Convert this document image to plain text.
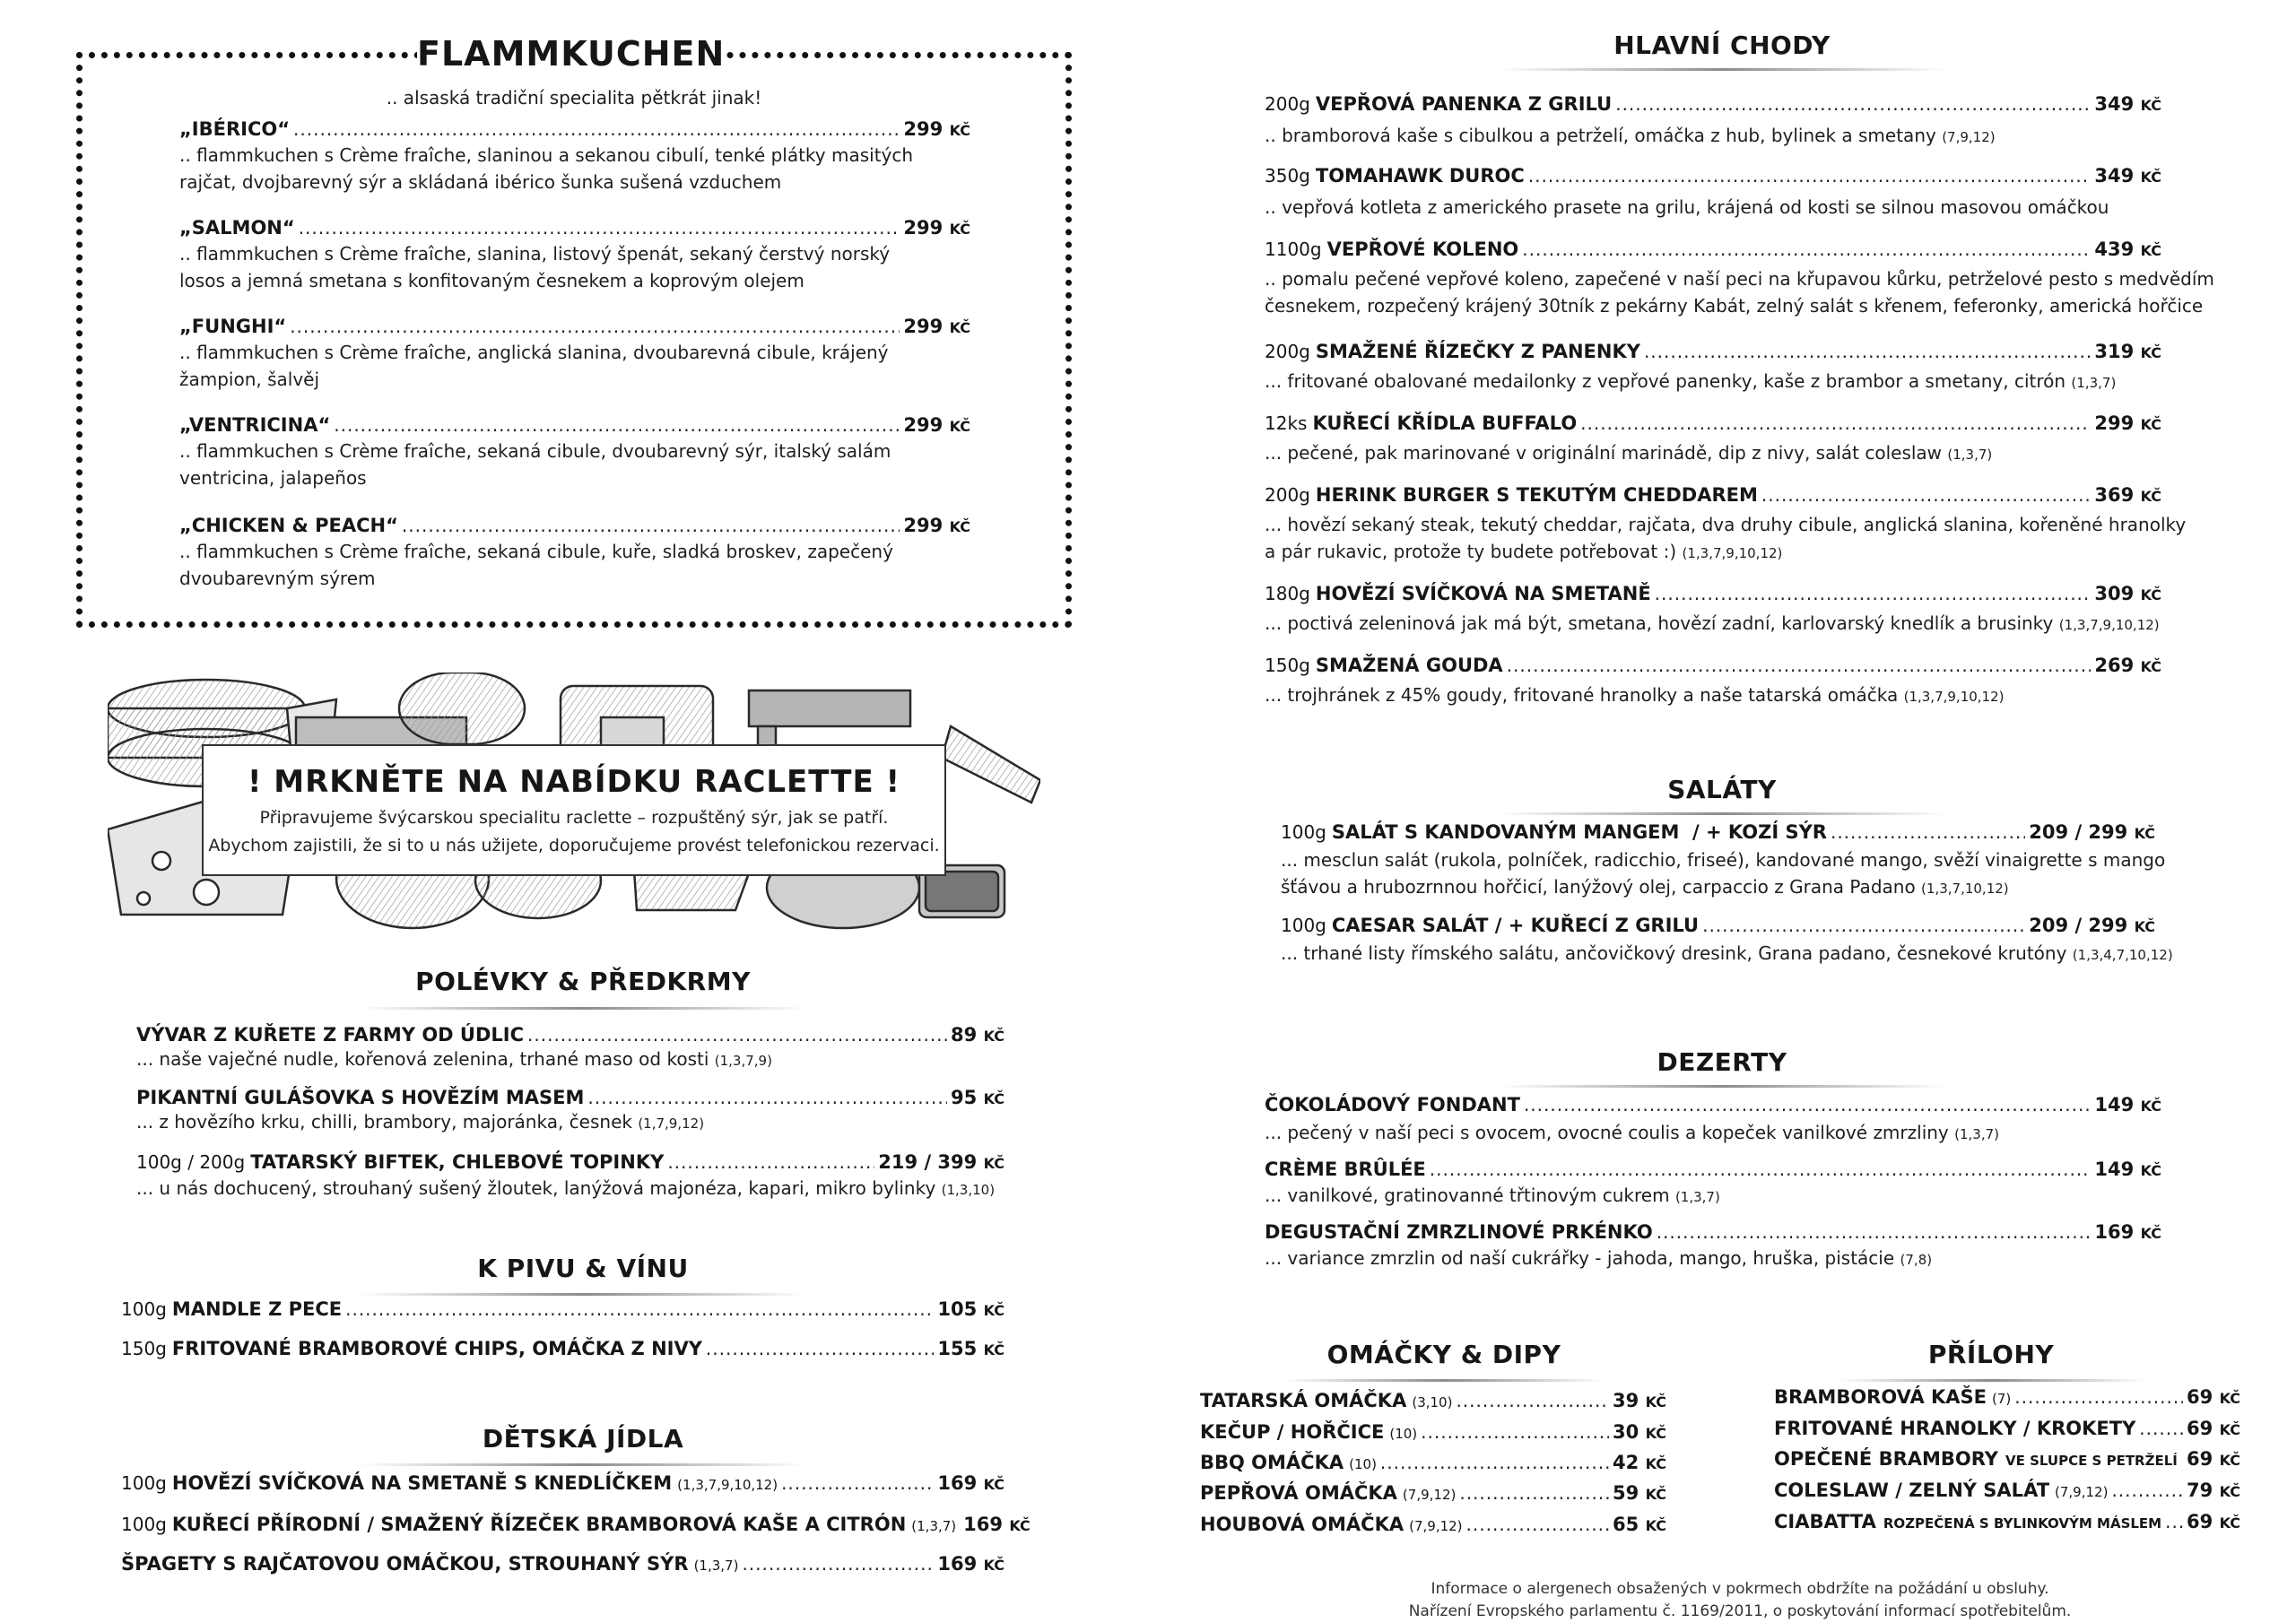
FLAMMKUCHEN
.. alsaská tradiční specialita pětkrát jinak!
„IBÉRICO“ .....	299 KČ
.. flammkuchen s Crème fraîche, slaninou a sekanou cibulí, tenké plátky masitých
rajčat, dvojbarevný sýr a skládaná ibérico šunka sušená vzduchem
„SALMON“ .....	299 KČ
.. flammkuchen s Crème fraîche, slanina, listový špenát, sekaný čerstvý norský
losos a jemná smetana s konfitovaným česnekem a koprovým olejem
„FUNGHI“ .....	299 KČ
.. flammkuchen s Crème fraîche, anglická slanina, dvoubarevná cibule, krájený
žampion, šalvěj
„VENTRICINA“ .....	299 KČ
.. flammkuchen s Crème fraîche, sekaná cibule, dvoubarevný sýr, italský salám
ventricina, jalapeños
„CHICKEN & PEACH“ .....	299 KČ
.. flammkuchen s Crème fraîche, sekaná cibule, kuře, sladká broskev, zapečený
dvoubarevným sýrem
! MRKNĚTE NA NABÍDKU RACLETTE !
Připravujeme švýcarskou specialitu raclette – rozpuštěný sýr, jak se patří.
Abychom zajistili, že si to u nás užijete, doporučujeme provést telefonickou rezervaci.
POLÉVKY & PŘEDKRMY
VÝVAR Z KUŘETE Z FARMY OD ÚDLIC .....	89 KČ
... naše vaječné nudle, kořenová zelenina, trhané maso od kosti (1,3,7,9)
PIKANTNÍ GULÁŠOVKA S HOVĚZÍM MASEM .....	95 KČ
... z hovězího krku, chilli, brambory, majoránka, česnek (1,7,9,12)
100g / 200g TATARSKÝ BIFTEK, CHLEBOVÉ TOPINKY .....	219 / 399 KČ
... u nás dochucený, strouhaný sušený žloutek, lanýžová majonéza, kapari, mikro bylinky (1,3,10)
K PIVU & VÍNU
100g MANDLE Z PECE .....	105 KČ
150g FRITOVANÉ BRAMBOROVÉ CHIPS, OMÁČKA Z NIVY .....	155 KČ
DĚTSKÁ JÍDLA
100g HOVĚZÍ SVÍČKOVÁ NA SMETANĚ S KNEDLÍČKEM (1,3,7,9,10,12) .....	169 KČ
100g KUŘECÍ PŘÍRODNÍ / SMAŽENÝ ŘÍZEČEK BRAMBOROVÁ KAŠE A CITRÓN (1,3,7) 169 KČ
ŠPAGETY S RAJČATOVOU OMÁČKOU, STROUHANÝ SÝR (1,3,7) .....	169 KČ
HLAVNÍ CHODY
200g VEPŘOVÁ PANENKA Z GRILU .....	349 KČ
.. bramborová kaše s cibulkou a petrželí, omáčka z hub, bylinek a smetany (7,9,12)
350g TOMAHAWK DUROC .....	349 KČ
.. vepřová kotleta z amerického prasete na grilu, krájená od kosti se silnou masovou omáčkou
1100g VEPŘOVÉ KOLENO .....	439 KČ
.. pomalu pečené vepřové koleno, zapečené v naší peci na křupavou kůrku, petrželové pesto s medvědím
česnekem, rozpečený krájený 30tník z pekárny Kabát, zelný salát s křenem, feferonky, americká hořčice
200g SMAŽENÉ ŘÍZEČKY Z PANENKY .....	319 KČ
... fritované obalované medailonky z vepřové panenky, kaše z brambor a smetany, citrón (1,3,7)
12ks KUŘECÍ KŘÍDLA BUFFALO .....	299 KČ
... pečené, pak marinované v originální marinádě, dip z nivy, salát coleslaw (1,3,7)
200g HERINK BURGER S TEKUTÝM CHEDDAREM .....	369 KČ
... hovězí sekaný steak, tekutý cheddar, rajčata, dva druhy cibule, anglická slanina, kořeněné hranolky
a pár rukavic, protože ty budete potřebovat :) (1,3,7,9,10,12)
180g HOVĚZÍ SVÍČKOVÁ NA SMETANĚ .....	309 KČ
... poctivá zeleninová jak má být, smetana, hovězí zadní, karlovarský knedlík a brusinky (1,3,7,9,10,12)
150g SMAŽENÁ GOUDA .....	269 KČ
... trojhránek z 45% goudy, fritované hranolky a naše tatarská omáčka (1,3,7,9,10,12)
SALÁTY
100g SALÁT S KANDOVANÝM MANGEM  / + KOZÍ SÝR .....	209 / 299 KČ
... mesclun salát (rukola, polníček, radicchio, friseé), kandované mango, svěží vinaigrette s mango
šťávou a hrubozrnnou hořčicí, lanýžový olej, carpaccio z Grana Padano (1,3,7,10,12)
100g CAESAR SALÁT / + KUŘECÍ Z GRILU .....	209 / 299 KČ
... trhané listy římského salátu, ančovičkový dresink, Grana padano, česnekové krutóny (1,3,4,7,10,12)
DEZERTY
ČOKOLÁDOVÝ FONDANT .....	149 KČ
... pečený v naší peci s ovocem, ovocné coulis a kopeček vanilkové zmrzliny (1,3,7)
CRÈME BRÛLÉE .....	149 KČ
... vanilkové, gratinovanné třtinovým cukrem (1,3,7)
DEGUSTAČNÍ ZMRZLINOVÉ PRKÉNKO .....	169 KČ
... variance zmrzlin od naší cukrářky - jahoda, mango, hruška, pistácie (7,8)
OMÁČKY & DIPY
TATARSKÁ OMÁČKA (3,10) .....	39 KČ
KEČUP / HOŘČICE (10) .....	30 KČ
BBQ OMÁČKA (10) .....	42 KČ
PEPŘOVÁ OMÁČKA (7,9,12) .....	59 KČ
HOUBOVÁ OMÁČKA (7,9,12) .....	65 KČ
PŘÍLOHY
BRAMBOROVÁ KAŠE (7) .....	69 KČ
FRITOVANÉ HRANOLKY / KROKETY .....	69 KČ
OPEČENÉ BRAMBORY VE SLUPCE S PETRŽELÍ ..... 69 KČ
COLESLAW / ZELNÝ SALÁT (7,9,12) .....	79 KČ
CIABATTA ROZPEČENÁ S BYLINKOVÝM MÁSLEM ..... 69 KČ
Informace o alergenech obsažených v pokrmech obdržíte na požádání u obsluhy.
Nařízení Evropského parlamentu č. 1169/2011, o poskytování informací spotřebitelům.
